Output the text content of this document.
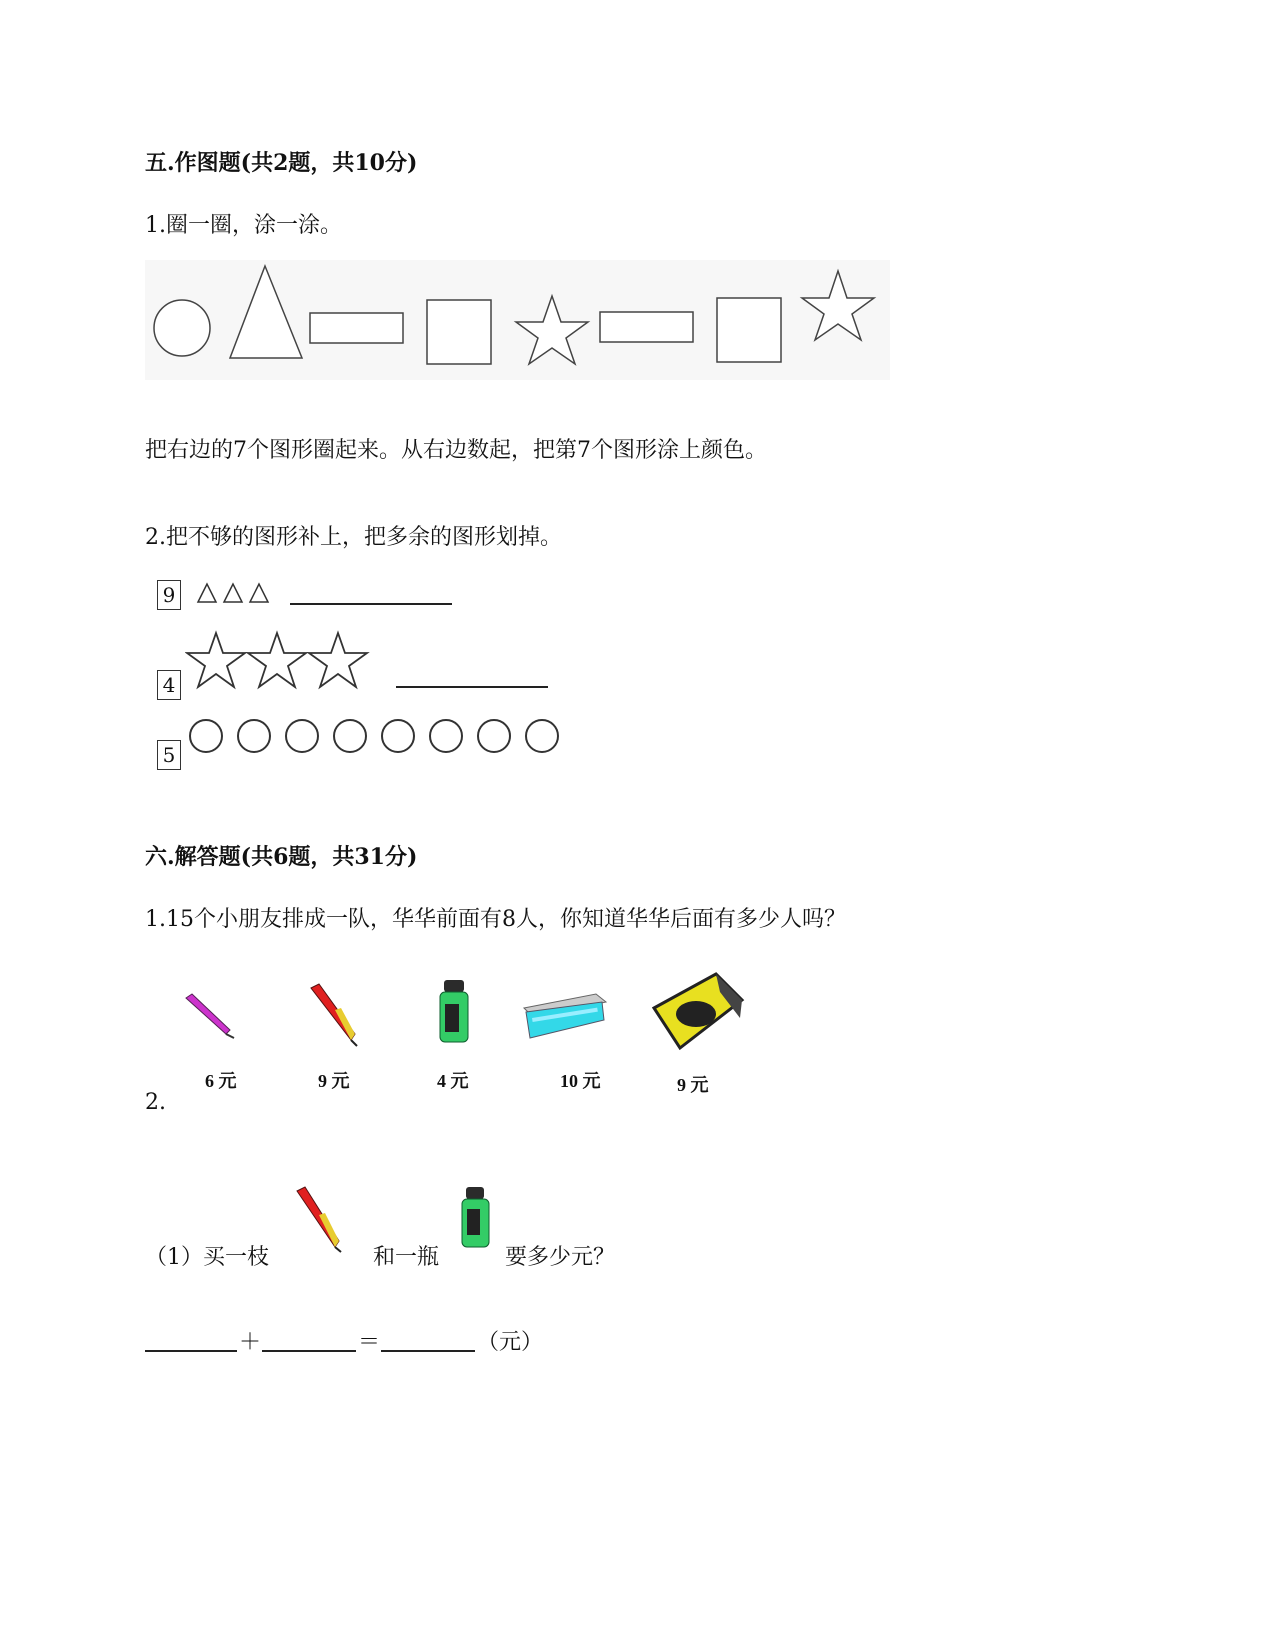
五.作图题(共2题，共10分)
1.圈一圈，涂一涂。
把右边的7个图形圈起来。从右边数起，把第7个图形涂上颜色。
2.把不够的图形补上，把多余的图形划掉。
9
4
5
六.解答题(共6题，共31分)
1.15个小朋友排成一队，华华前面有8人，你知道华华后面有多少人吗？
6 元	9 元	4 元	10 元	9 元
2.
（1）买一枝	和一瓶	要多少元？
＋	＝	（元）
